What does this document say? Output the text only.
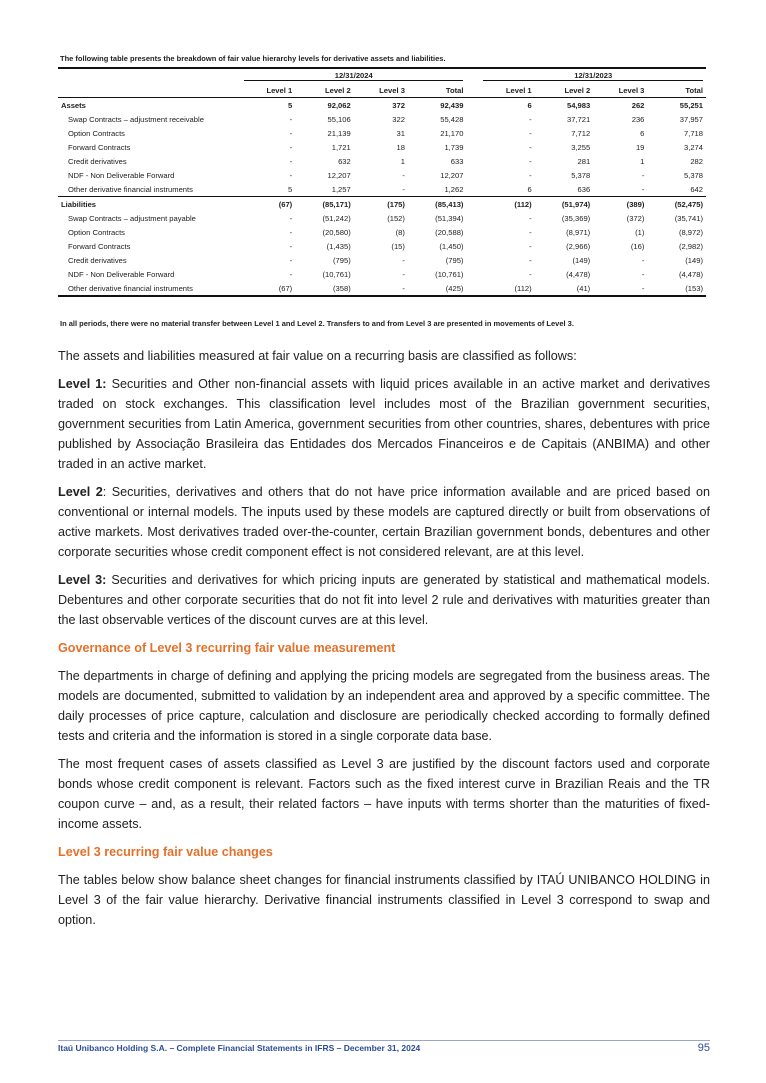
The following table presents the breakdown of fair value hierarchy levels for derivative assets and liabilities.

	12/31/2024					12/31/2023			

	Level 1	Level 2	Level 3	Total		Level 1	Level 2	Level 3	Total
Assets	5	92,062	372	92,439		6	54,983	262	55,251
Swap Contracts – adjustment receivable	-	55,106	322	55,428		-	37,721	236	37,957
Option Contracts	-	21,139	31	21,170		-	7,712	6	7,718
Forward Contracts	-	1,721	18	1,739		-	3,255	19	3,274
Credit derivatives	-	632	1	633		-	281	1	282
NDF - Non Deliverable Forward	-	12,207	-	12,207		-	5,378	-	5,378
Other derivative financial instruments	5	1,257	-	1,262		6	636	-	642
Liabilities	(67)	(85,171)	(175)	(85,413)		(112)	(51,974)	(389)	(52,475)
Swap Contracts – adjustment payable	-	(51,242)	(152)	(51,394)		-	(35,369)	(372)	(35,741)
Option Contracts	-	(20,580)	(8)	(20,588)		-	(8,971)	(1)	(8,972)
Forward Contracts	-	(1,435)	(15)	(1,450)		-	(2,966)	(16)	(2,982)
Credit derivatives	-	(795)	-	(795)		-	(149)	-	(149)
NDF - Non Deliverable Forward	-	(10,761)	-	(10,761)		-	(4,478)	-	(4,478)
Other derivative financial instruments	(67)	(358)	-	(425)		(112)	(41)	-	(153)
In all periods, there were no material transfer between Level 1 and Level 2. Transfers to and from Level 3 are presented in movements of Level 3.

The assets and liabilities measured at fair value on a recurring basis are classified as follows:

Level 1: Securities and Other non-financial assets with liquid prices available in an active market and derivatives traded on stock exchanges. This classification level includes most of the Brazilian government securities, government securities from Latin America, government securities from other countries, shares, debentures with price published by Associação Brasileira das Entidades dos Mercados Financeiros e de Capitais (ANBIMA) and other traded in an active market.

Level 2: Securities, derivatives and others that do not have price information available and are priced based on conventional or internal models. The inputs used by these models are captured directly or built from observations of active markets. Most derivatives traded over-the-counter, certain Brazilian government bonds, debentures and other corporate securities whose credit component effect is not considered relevant, are at this level.

Level 3: Securities and derivatives for which pricing inputs are generated by statistical and mathematical models. Debentures and other corporate securities that do not fit into level 2 rule and derivatives with maturities greater than the last observable vertices of the discount curves are at this level.

Governance of Level 3 recurring fair value measurement

The departments in charge of defining and applying the pricing models are segregated from the business areas. The models are documented, submitted to validation by an independent area and approved by a specific committee. The daily processes of price capture, calculation and disclosure are periodically checked according to formally defined tests and criteria and the information is stored in a single corporate data base.

The most frequent cases of assets classified as Level 3 are justified by the discount factors used and corporate bonds whose credit component is relevant. Factors such as the fixed interest curve in Brazilian Reais and the TR coupon curve – and, as a result, their related factors – have inputs with terms shorter than the maturities of fixed-income assets.

Level 3 recurring fair value changes

The tables below show balance sheet changes for financial instruments classified by ITAÚ UNIBANCO HOLDING in Level 3 of the fair value hierarchy. Derivative financial instruments classified in Level 3 correspond to swap and option.

Itaú Unibanco Holding S.A. – Complete Financial Statements in IFRS – December 31, 2024	95
